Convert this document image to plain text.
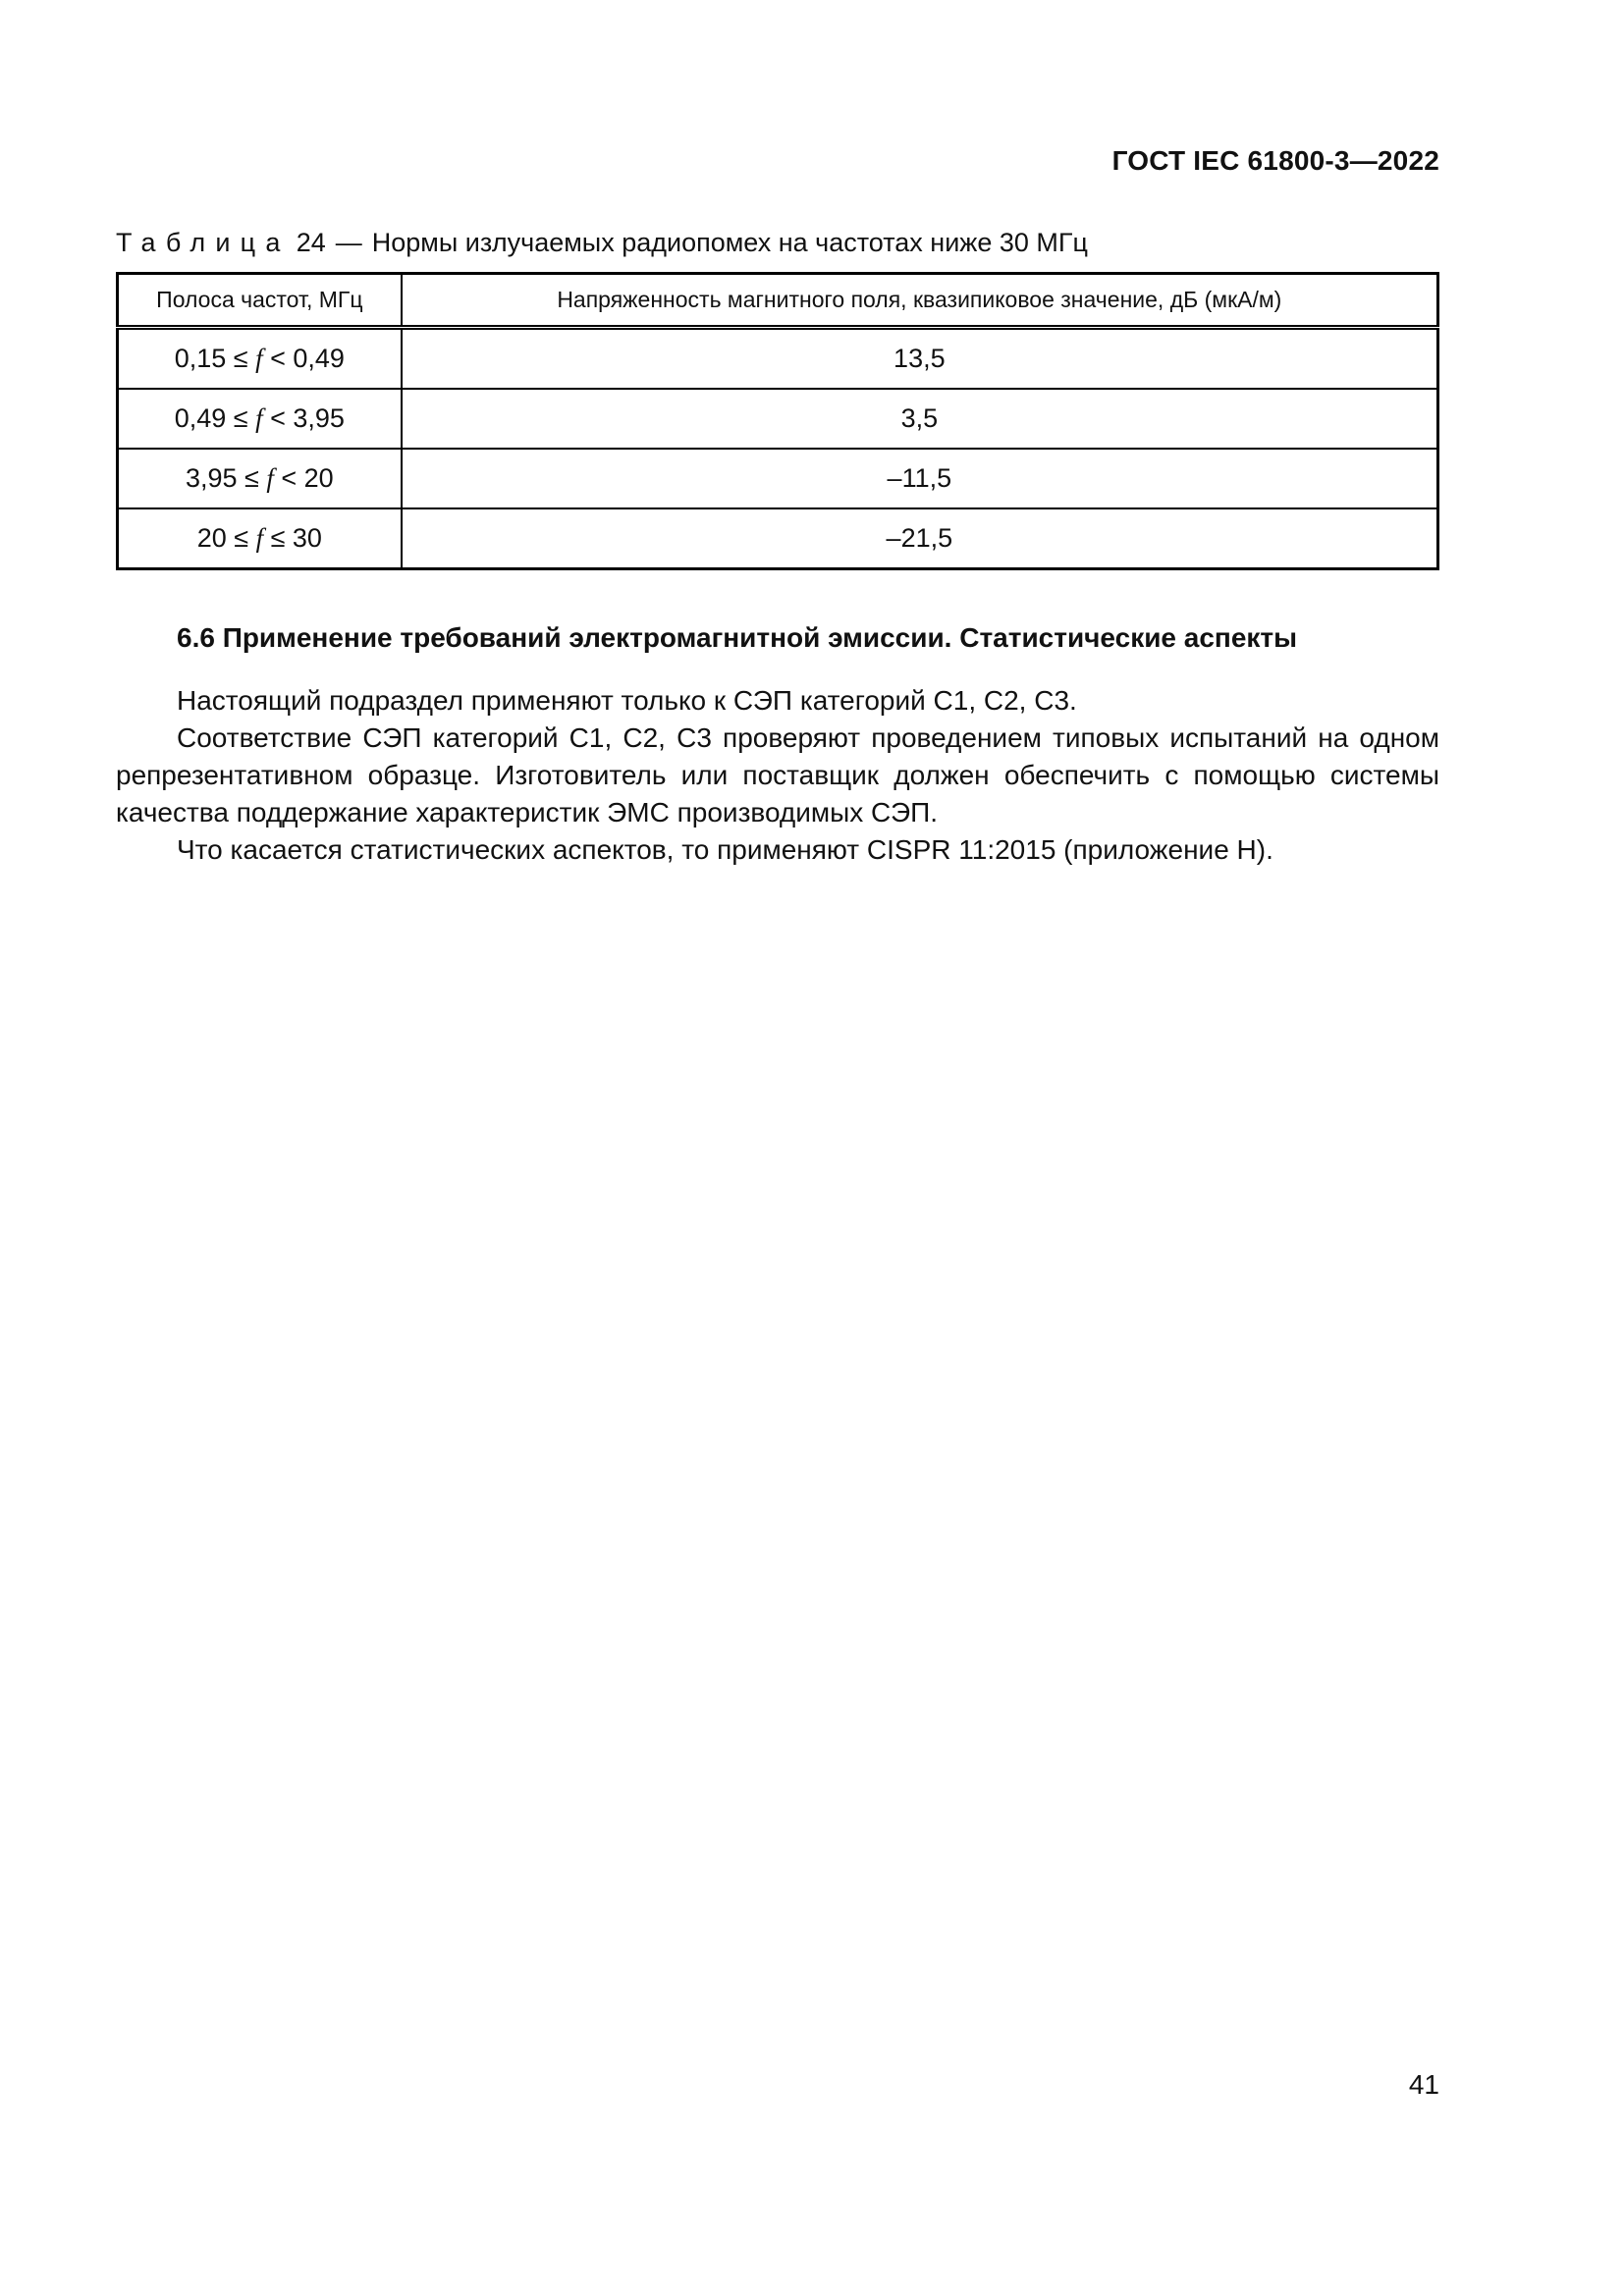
ГОСТ IEC 61800-3—2022
Таблица 24 — Нормы излучаемых радиопомех на частотах ниже 30 МГц
Полоса частот, МГц	Напряженность магнитного поля, квазипиковое значение, дБ (мкА/м)
0,15 ≤ f < 0,49	13,5
0,49 ≤ f < 3,95	3,5
3,95 ≤ f < 20	–11,5
20 ≤ f ≤ 30	–21,5
6.6 Применение требований электромагнитной эмиссии. Статистические аспекты

Настоящий подраздел применяют только к СЭП категорий C1, C2, C3.

Соответствие СЭП категорий C1, C2, C3 проверяют проведением типовых испытаний на одном репрезентативном образце. Изготовитель или поставщик должен обеспечить с помощью системы качества поддержание характеристик ЭМС производимых СЭП.

Что касается статистических аспектов, то применяют CISPR 11:2015 (приложение H).

41
